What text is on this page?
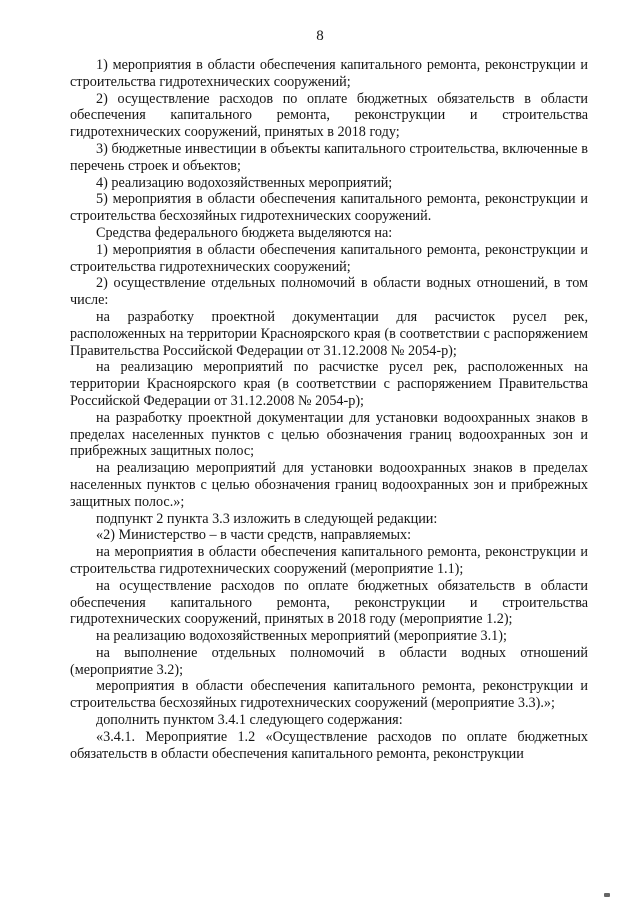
8
1) мероприятия в области обеспечения капитального ремонта, реконструкции и строительства гидротехнических сооружений;
2) осуществление расходов по оплате бюджетных обязательств в области обеспечения капитального ремонта, реконструкции и строительства гидротехнических сооружений, принятых в 2018 году;
3) бюджетные инвестиции в объекты капитального строительства, включенные в перечень строек и объектов;
4) реализацию водохозяйственных мероприятий;
5) мероприятия в области обеспечения капитального ремонта, реконструкции и строительства бесхозяйных гидротехнических сооружений.
Средства федерального бюджета выделяются на:
1) мероприятия в области обеспечения капитального ремонта, реконструкции и строительства гидротехнических сооружений;
2) осуществление отдельных полномочий в области водных отношений, в том числе:
на разработку проектной документации для расчисток русел рек, расположенных на территории Красноярского края (в соответствии с распоряжением Правительства Российской Федерации от 31.12.2008 № 2054-р);
на реализацию мероприятий по расчистке русел рек, расположенных на территории Красноярского края (в соответствии с распоряжением Правительства Российской Федерации от 31.12.2008 № 2054-р);
на разработку проектной документации для установки водоохранных знаков в пределах населенных пунктов с целью обозначения границ водоохранных зон и прибрежных защитных полос;
на реализацию мероприятий для установки водоохранных знаков в пределах населенных пунктов с целью обозначения границ водоохранных зон и прибрежных защитных полос.»;
подпункт 2 пункта 3.3 изложить в следующей редакции:
«2) Министерство – в части средств, направляемых:
на мероприятия в области обеспечения капитального ремонта, реконструкции и строительства гидротехнических сооружений (мероприятие 1.1);
на осуществление расходов по оплате бюджетных обязательств в области обеспечения капитального ремонта, реконструкции и строительства гидротехнических сооружений, принятых в 2018 году (мероприятие 1.2);
на реализацию водохозяйственных мероприятий (мероприятие 3.1);
на выполнение отдельных полномочий в области водных отношений (мероприятие 3.2);
мероприятия в области обеспечения капитального ремонта, реконструкции и строительства бесхозяйных гидротехнических сооружений (мероприятие 3.3).»;
дополнить пунктом 3.4.1 следующего содержания:
«3.4.1. Мероприятие 1.2 «Осуществление расходов по оплате бюджетных обязательств в области обеспечения капитального ремонта, реконструкции
